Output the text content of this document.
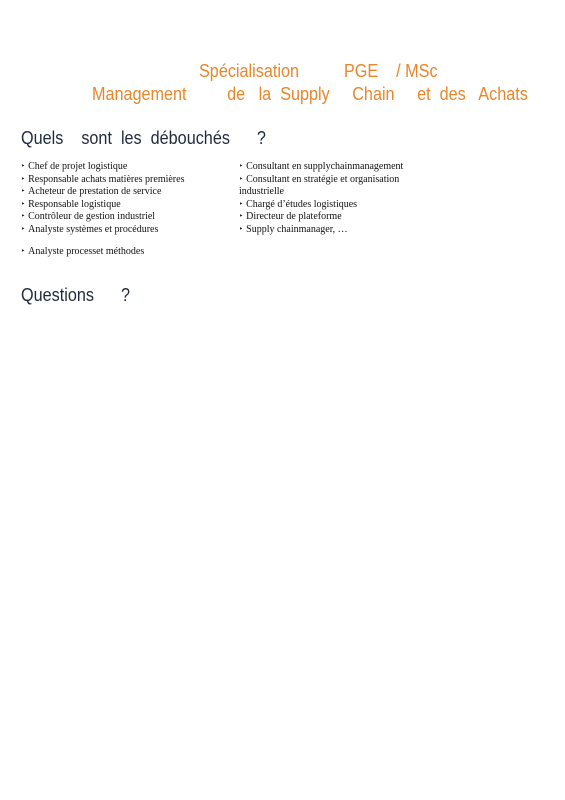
Spécialisation          PGE    / MSc
Management         de   la  Supply     Chain     et  des   Achats
Quels    sont  les  débouchés      ?
‣ Chef de projet logistique
‣ Responsable achats matières premières
‣ Acheteur de prestation de service
‣ Responsable logistique
‣ Contrôleur de gestion industriel
‣ Analyste systèmes et procédures
‣ Consultant en supplychainmanagement
‣ Consultant en stratégie et organisation
industrielle
‣ Chargé d’études logistiques
‣ Directeur de plateforme
‣ Supply chainmanager, …
‣ Analyste processet méthodes
Questions      ?
